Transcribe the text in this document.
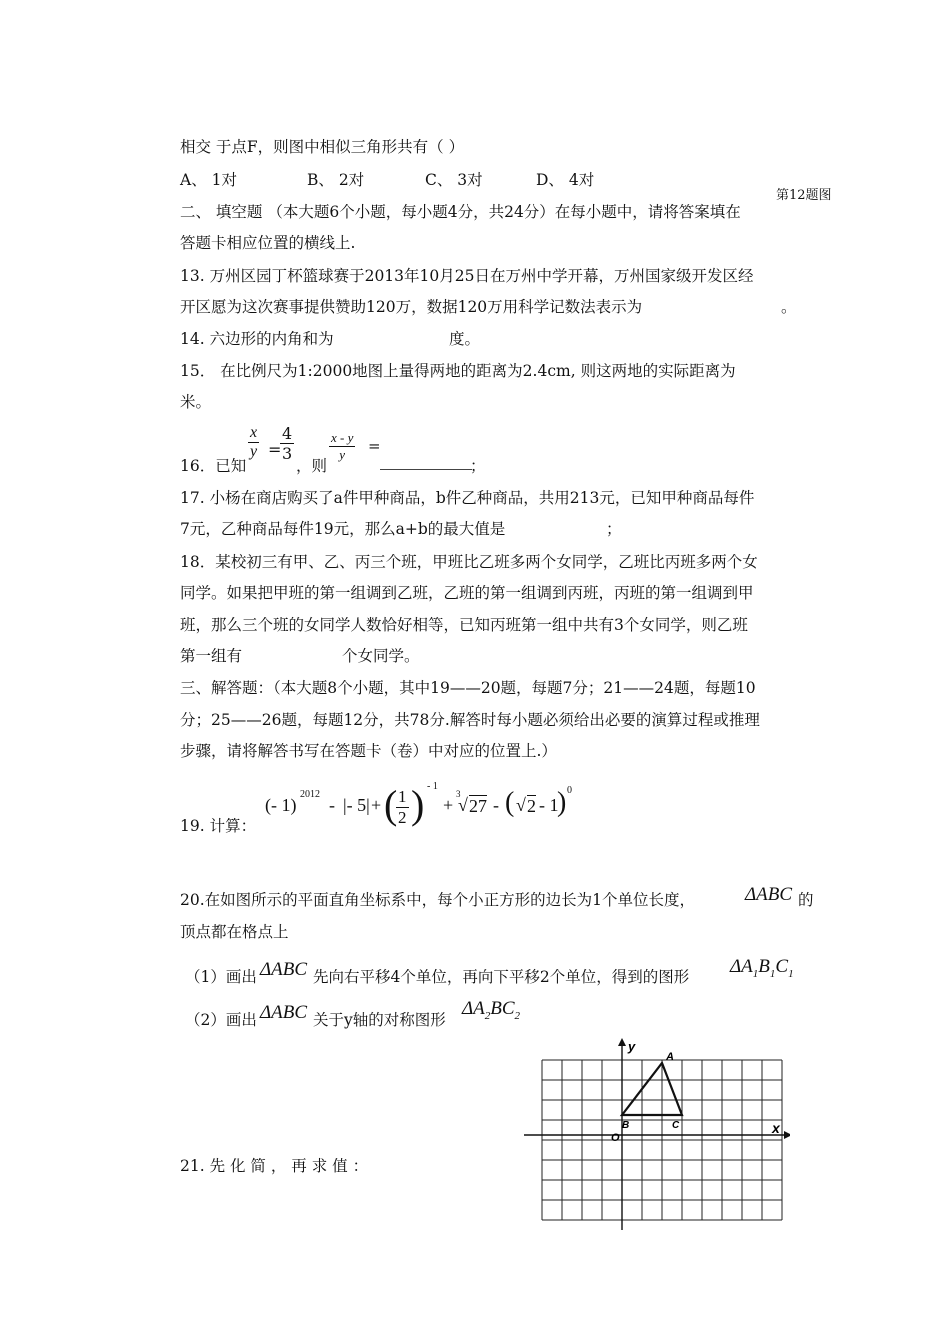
相交 于点F，则图中相似三角形共有（ ）
A、 1对	B、 2对	C、 3对	D、 4对
第12题图
二、 填空题 （本大题6个小题，每小题4分，共24分）在每小题中，请将答案填在
答题卡相应位置的横线上.
13. 万州区园丁杯篮球赛于2013年10月25日在万州中学开幕，万州国家级开发区经
开区愿为这次赛事提供赞助120万，数据120万用科学记数法表示为	。
14. 六边形的内角和为	度。
15． 在比例尺为1:2000地图上量得两地的距离为2.4cm, 则这两地的实际距离为
米。
16．已知
$\frac{x}{y}$ =
$\frac{4}{3}$
，则
$\frac{x - y}{y}$ =
；
17. 小杨在商店购买了a件甲种商品，b件乙种商品，共用213元，已知甲种商品每件
7元，乙种商品每件19元，那么a+b的最大值是	；
18．某校初三有甲、乙、丙三个班，甲班比乙班多两个女同学，乙班比丙班多两个女
同学。如果把甲班的第一组调到乙班，乙班的第一组调到丙班，丙班的第一组调到甲
班，那么三个班的女同学人数恰好相等，已知丙班第一组中共有3个女同学，则乙班
第一组有	个女同学。
三、解答题：（本大题8个小题，其中19——20题，每题7分；21——24题，每题10
分；25——26题，每题12分，共78分.解答时每小题必须给出必要的演算过程或推理
步骤，请将解答书写在答题卡（卷）中对应的位置上.）
19. 计算：
(- 1)
2012
- |- 5| + (
$\frac{1}{2}$ ) - 1
+
3
√ 27 - ( √ 2 - 1
) 0
20.在如图所示的平面直角坐标系中，每个小正方形的边长为1个单位长度，	ΔABC 的
顶点都在格点上
（1）画出 ΔABC 先向右平移4个单位，再向下平移2个单位，得到的图形 $\Delta A_1B_1C_1$
（2）画出 ΔABC 关于y轴的对称图形
$\Delta A_2BC_2$
y
x
A
O
B	C
21. 先 化 简 ， 再 求 值 ：
